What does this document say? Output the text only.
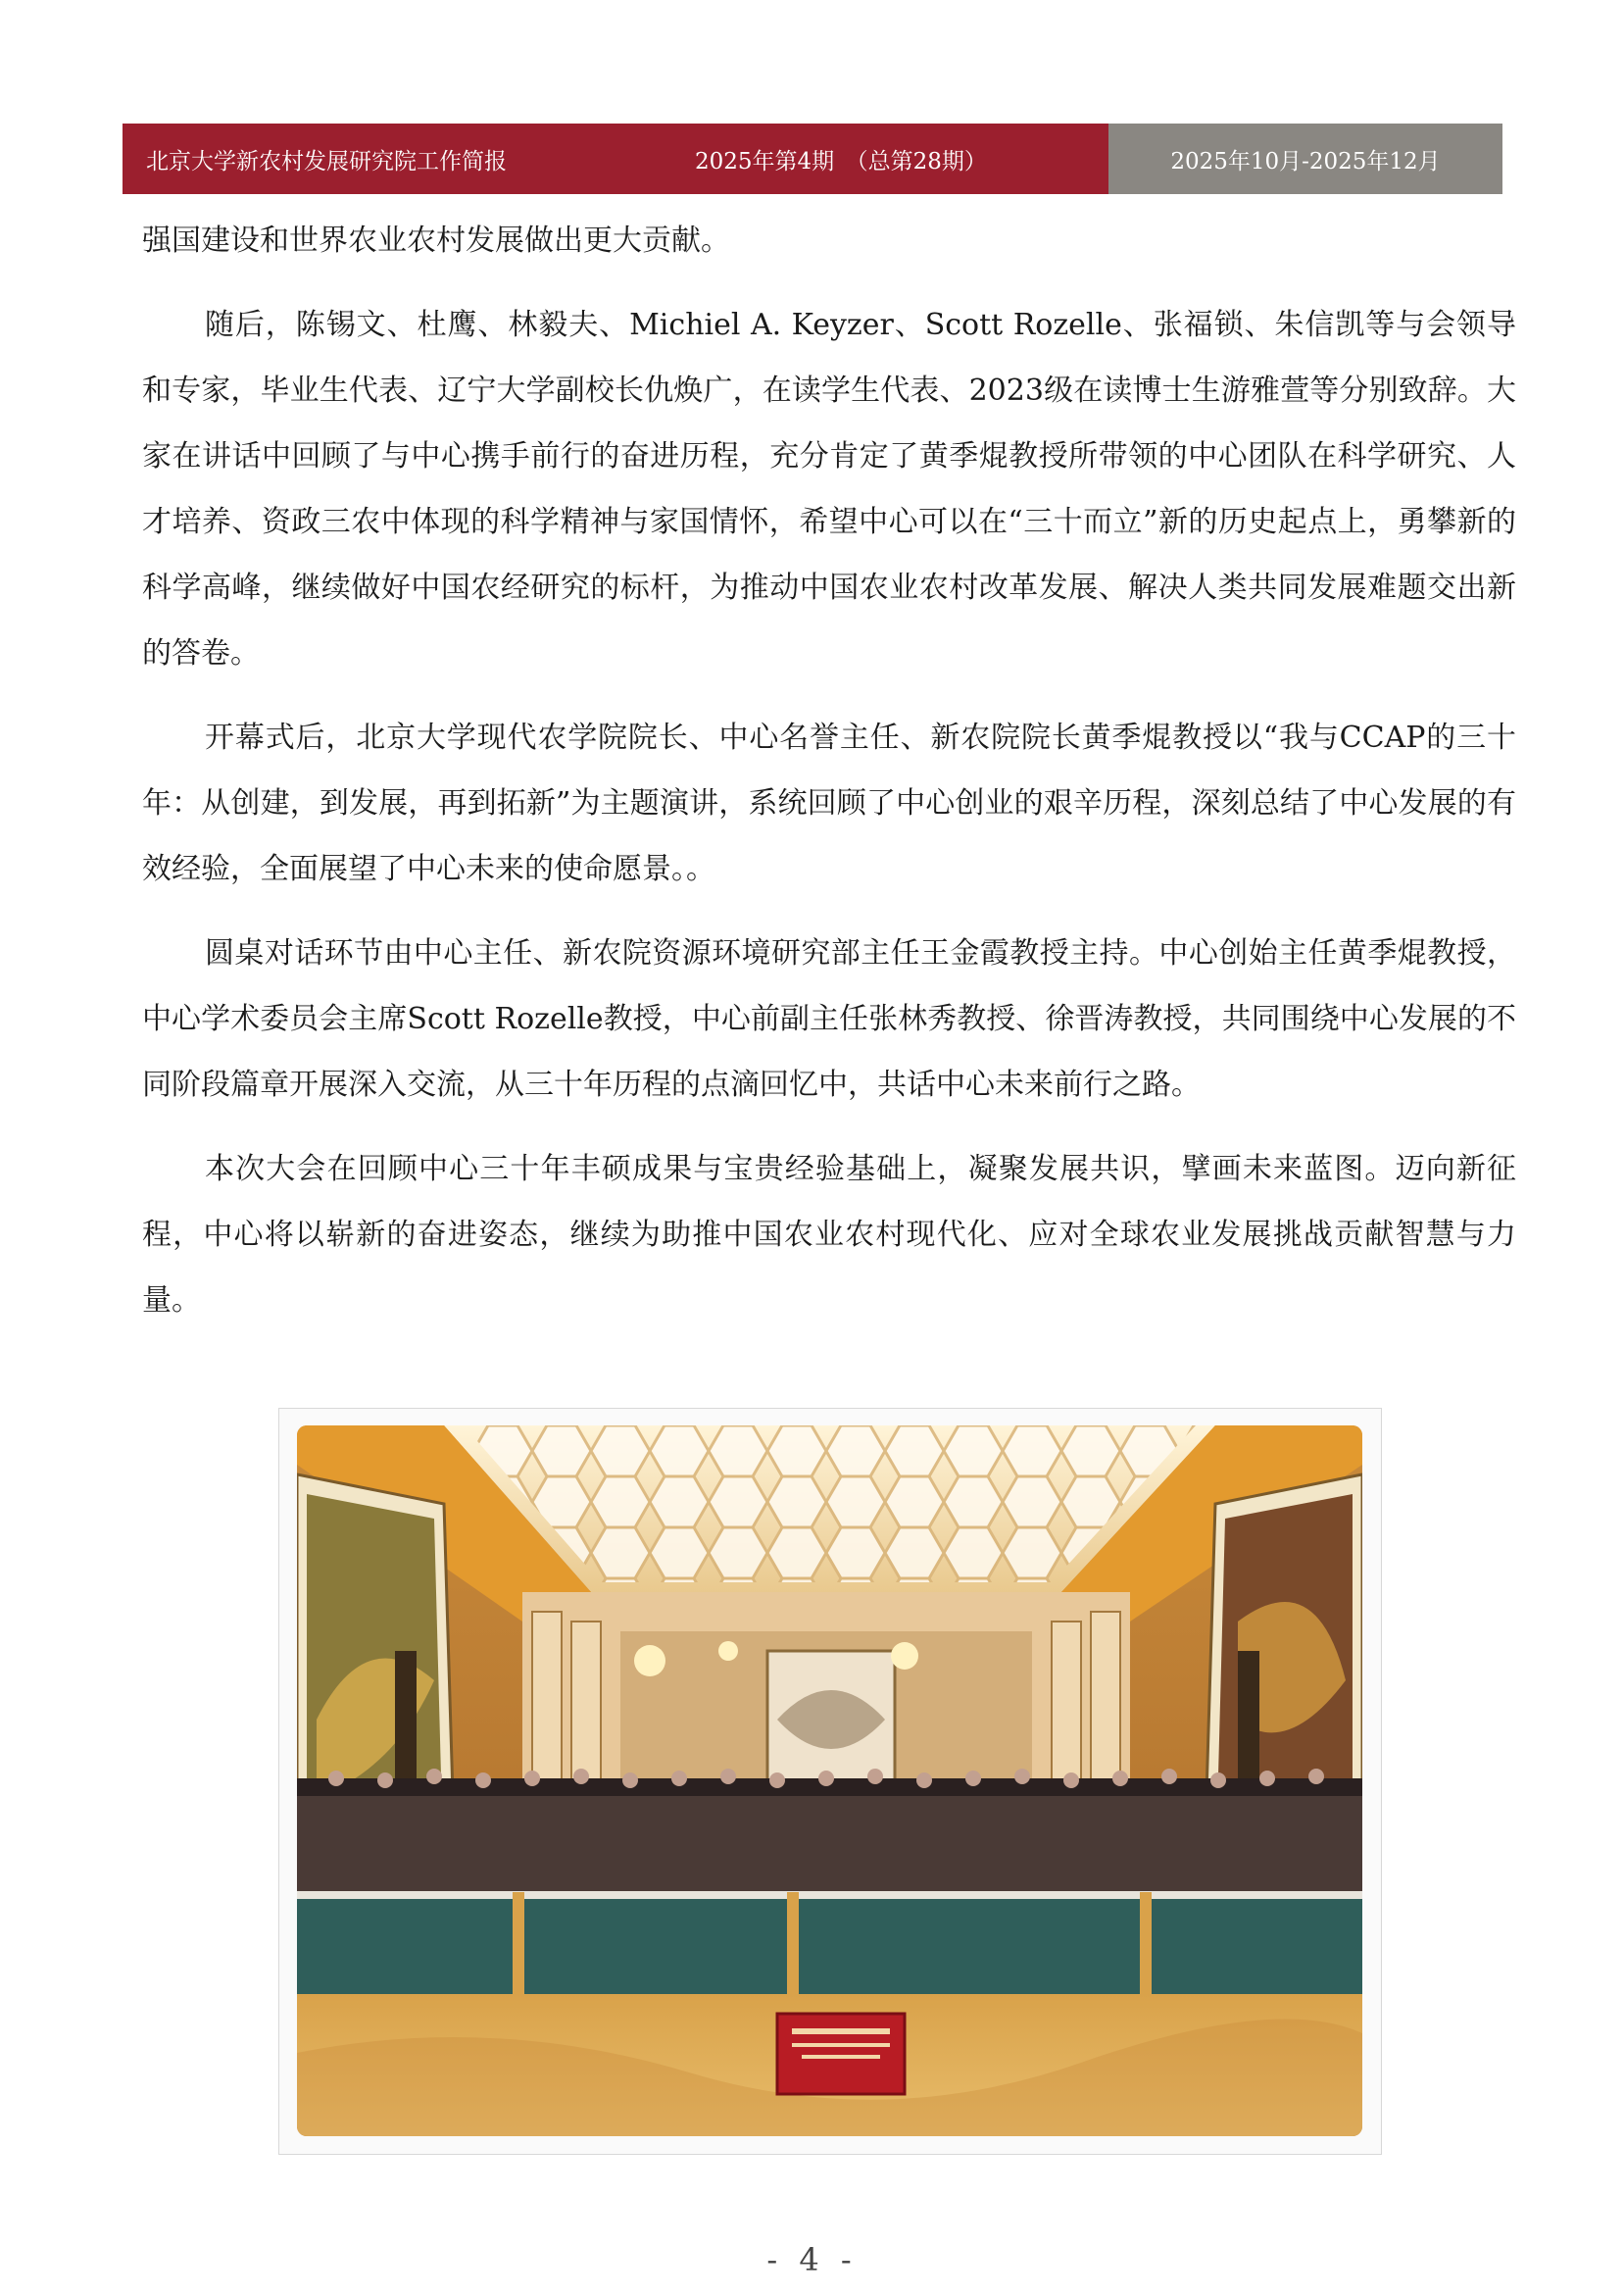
北京大学新农村发展研究院工作简报	2025年第4期　（总第28期）	2025年10月-2025年12月

强国建设和世界农业农村发展做出更大贡献。

随后，陈锡文、杜鹰、林毅夫、Michiel A. Keyzer、Scott Rozelle、张福锁、朱信凯等与会领导和专家，毕业生代表、辽宁大学副校长仇焕广，在读学生代表、2023级在读博士生游雅萱等分别致辞。大家在讲话中回顾了与中心携手前行的奋进历程，充分肯定了黄季焜教授所带领的中心团队在科学研究、人才培养、资政三农中体现的科学精神与家国情怀，希望中心可以在“三十而立”新的历史起点上，勇攀新的科学高峰，继续做好中国农经研究的标杆，为推动中国农业农村改革发展、解决人类共同发展难题交出新的答卷。

开幕式后，北京大学现代农学院院长、中心名誉主任、新农院院长黄季焜教授以“我与CCAP的三十年：从创建，到发展，再到拓新”为主题演讲，系统回顾了中心创业的艰辛历程，深刻总结了中心发展的有效经验，全面展望了中心未来的使命愿景。。

圆桌对话环节由中心主任、新农院资源环境研究部主任王金霞教授主持。中心创始主任黄季焜教授，中心学术委员会主席Scott Rozelle教授，中心前副主任张林秀教授、徐晋涛教授，共同围绕中心发展的不同阶段篇章开展深入交流，从三十年历程的点滴回忆中，共话中心未来前行之路。

本次大会在回顾中心三十年丰硕成果与宝贵经验基础上，凝聚发展共识，擘画未来蓝图。迈向新征程，中心将以崭新的奋进姿态，继续为助推中国农业农村现代化、应对全球农业发展挑战贡献智慧与力量。

- 4 -
